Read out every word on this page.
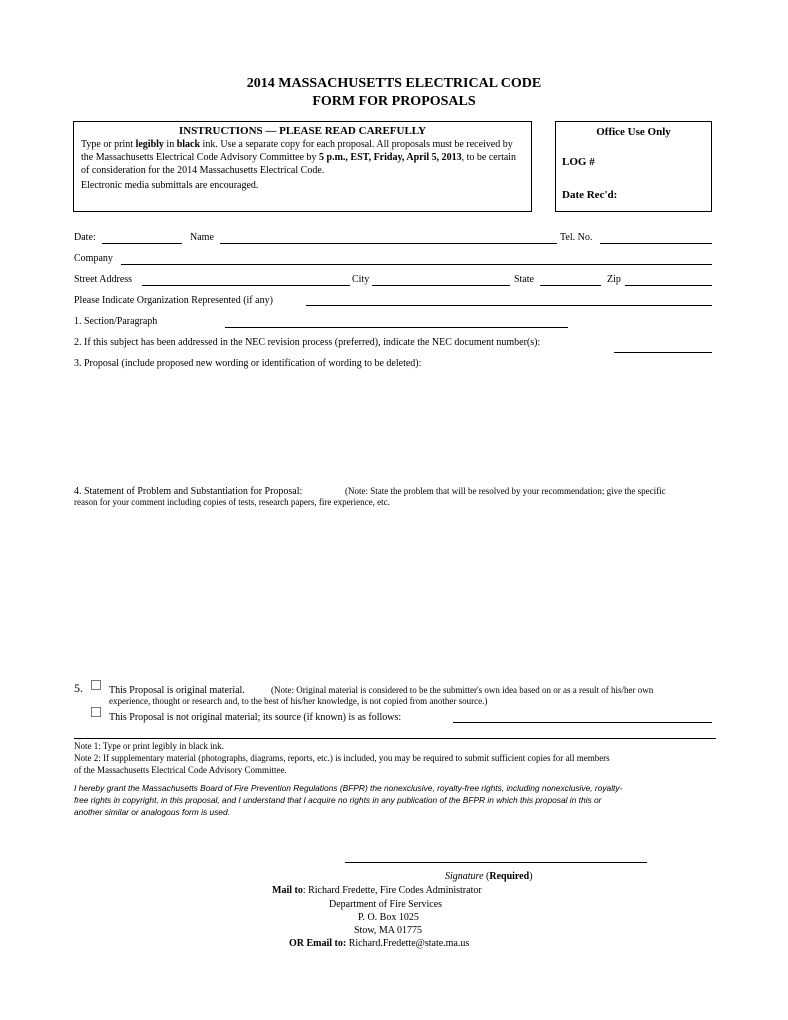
2014 MASSACHUSETTS ELECTRICAL CODE
FORM FOR PROPOSALS
INSTRUCTIONS — PLEASE READ CAREFULLY
Type or print legibly in black ink. Use a separate copy for each proposal. All proposals must be received by the Massachusetts Electrical Code Advisory Committee by 5 p.m., EST, Friday, April 5, 2013, to be certain of consideration for the 2014 Massachusetts Electrical Code.
Electronic media submittals are encouraged.
Office Use Only
LOG #
Date Rec'd:
Date:	Name	Tel. No.
Company
Street Address	City	State	Zip
Please Indicate Organization Represented (if any)
1. Section/Paragraph
2. If this subject has been addressed in the NEC revision process (preferred), indicate the NEC document number(s):
3. Proposal (include proposed new wording or identification of wording to be deleted):
4. Statement of Problem and Substantiation for Proposal:	(Note: State the problem that will be resolved by your recommendation; give the specific
reason for your comment including copies of tests, research papers, fire experience, etc.
5.	This Proposal is original material.	(Note: Original material is considered to be the submitter's own idea based on or as a result of his/her own
experience, thought or research and, to the best of his/her knowledge, is not copied from another source.)
This Proposal is not original material; its source (if known) is as follows:
Note 1: Type or print legibly in black ink.
Note 2: If supplementary material (photographs, diagrams, reports, etc.) is included, you may be required to submit sufficient copies for all members
of the Massachusetts Electrical Code Advisory Committee.
I hereby grant the Massachusetts Board of Fire Prevention Regulations (BFPR) the nonexclusive, royalty-free rights, including nonexclusive, royalty-
free rights in copyright, in this proposal, and I understand that I acquire no rights in any publication of the BFPR in which this proposal in this or
another similar or analogous form is used.
Signature (Required)
Mail to: Richard Fredette, Fire Codes Administrator
Department of Fire Services
P. O. Box 1025
Stow, MA 01775
OR Email to: Richard.Fredette@state.ma.us
